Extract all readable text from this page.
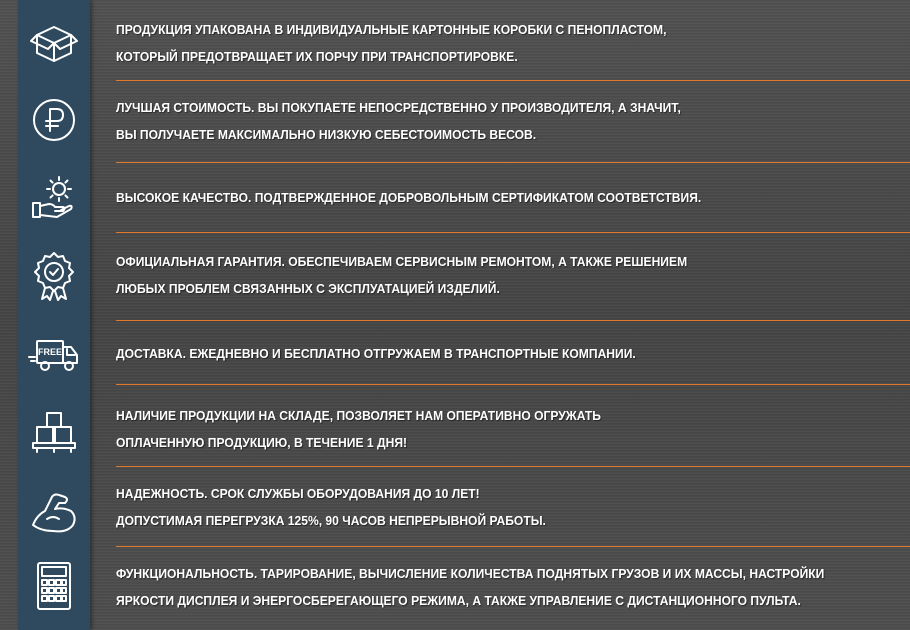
FREE
ПРОДУКЦИЯ УПАКОВАНА В ИНДИВИДУАЛЬНЫЕ КАРТОННЫЕ КОРОБКИ С ПЕНОПЛАСТОМ,
КОТОРЫЙ ПРЕДОТВРАЩАЕТ ИХ ПОРЧУ ПРИ ТРАНСПОРТИРОВКЕ.
ЛУЧШАЯ СТОИМОСТЬ. ВЫ ПОКУПАЕТЕ НЕПОСРЕДСТВЕННО У ПРОИЗВОДИТЕЛЯ, А ЗНАЧИТ,
ВЫ ПОЛУЧАЕТЕ МАКСИМАЛЬНО НИЗКУЮ СЕБЕСТОИМОСТЬ ВЕСОВ.
ВЫСОКОЕ КАЧЕСТВО. ПОДТВЕРЖДЕННОЕ ДОБРОВОЛЬНЫМ СЕРТИФИКАТОМ СООТВЕТСТВИЯ.
ОФИЦИАЛЬНАЯ ГАРАНТИЯ. ОБЕСПЕЧИВАЕМ СЕРВИСНЫМ РЕМОНТОМ, А ТАКЖЕ РЕШЕНИЕМ
ЛЮБЫХ ПРОБЛЕМ СВЯЗАННЫХ С ЭКСПЛУАТАЦИЕЙ ИЗДЕЛИЙ.
ДОСТАВКА. ЕЖЕДНЕВНО И БЕСПЛАТНО ОТГРУЖАЕМ В ТРАНСПОРТНЫЕ КОМПАНИИ.
НАЛИЧИЕ ПРОДУКЦИИ НА СКЛАДЕ, ПОЗВОЛЯЕТ НАМ ОПЕРАТИВНО ОГРУЖАТЬ
ОПЛАЧЕННУЮ ПРОДУКЦИЮ, В ТЕЧЕНИЕ 1 ДНЯ!
НАДЕЖНОСТЬ. СРОК СЛУЖБЫ ОБОРУДОВАНИЯ ДО 10 ЛЕТ!
ДОПУСТИМАЯ ПЕРЕГРУЗКА 125%, 90 ЧАСОВ НЕПРЕРЫВНОЙ РАБОТЫ.
ФУНКЦИОНАЛЬНОСТЬ. ТАРИРОВАНИЕ, ВЫЧИСЛЕНИЕ КОЛИЧЕСТВА ПОДНЯТЫХ ГРУЗОВ И ИХ МАССЫ, НАСТРОЙКИ
ЯРКОСТИ ДИСПЛЕЯ И ЭНЕРГОСБЕРЕГАЮЩЕГО РЕЖИМА, А ТАКЖЕ УПРАВЛЕНИЕ С ДИСТАНЦИОННОГО ПУЛЬТА.
